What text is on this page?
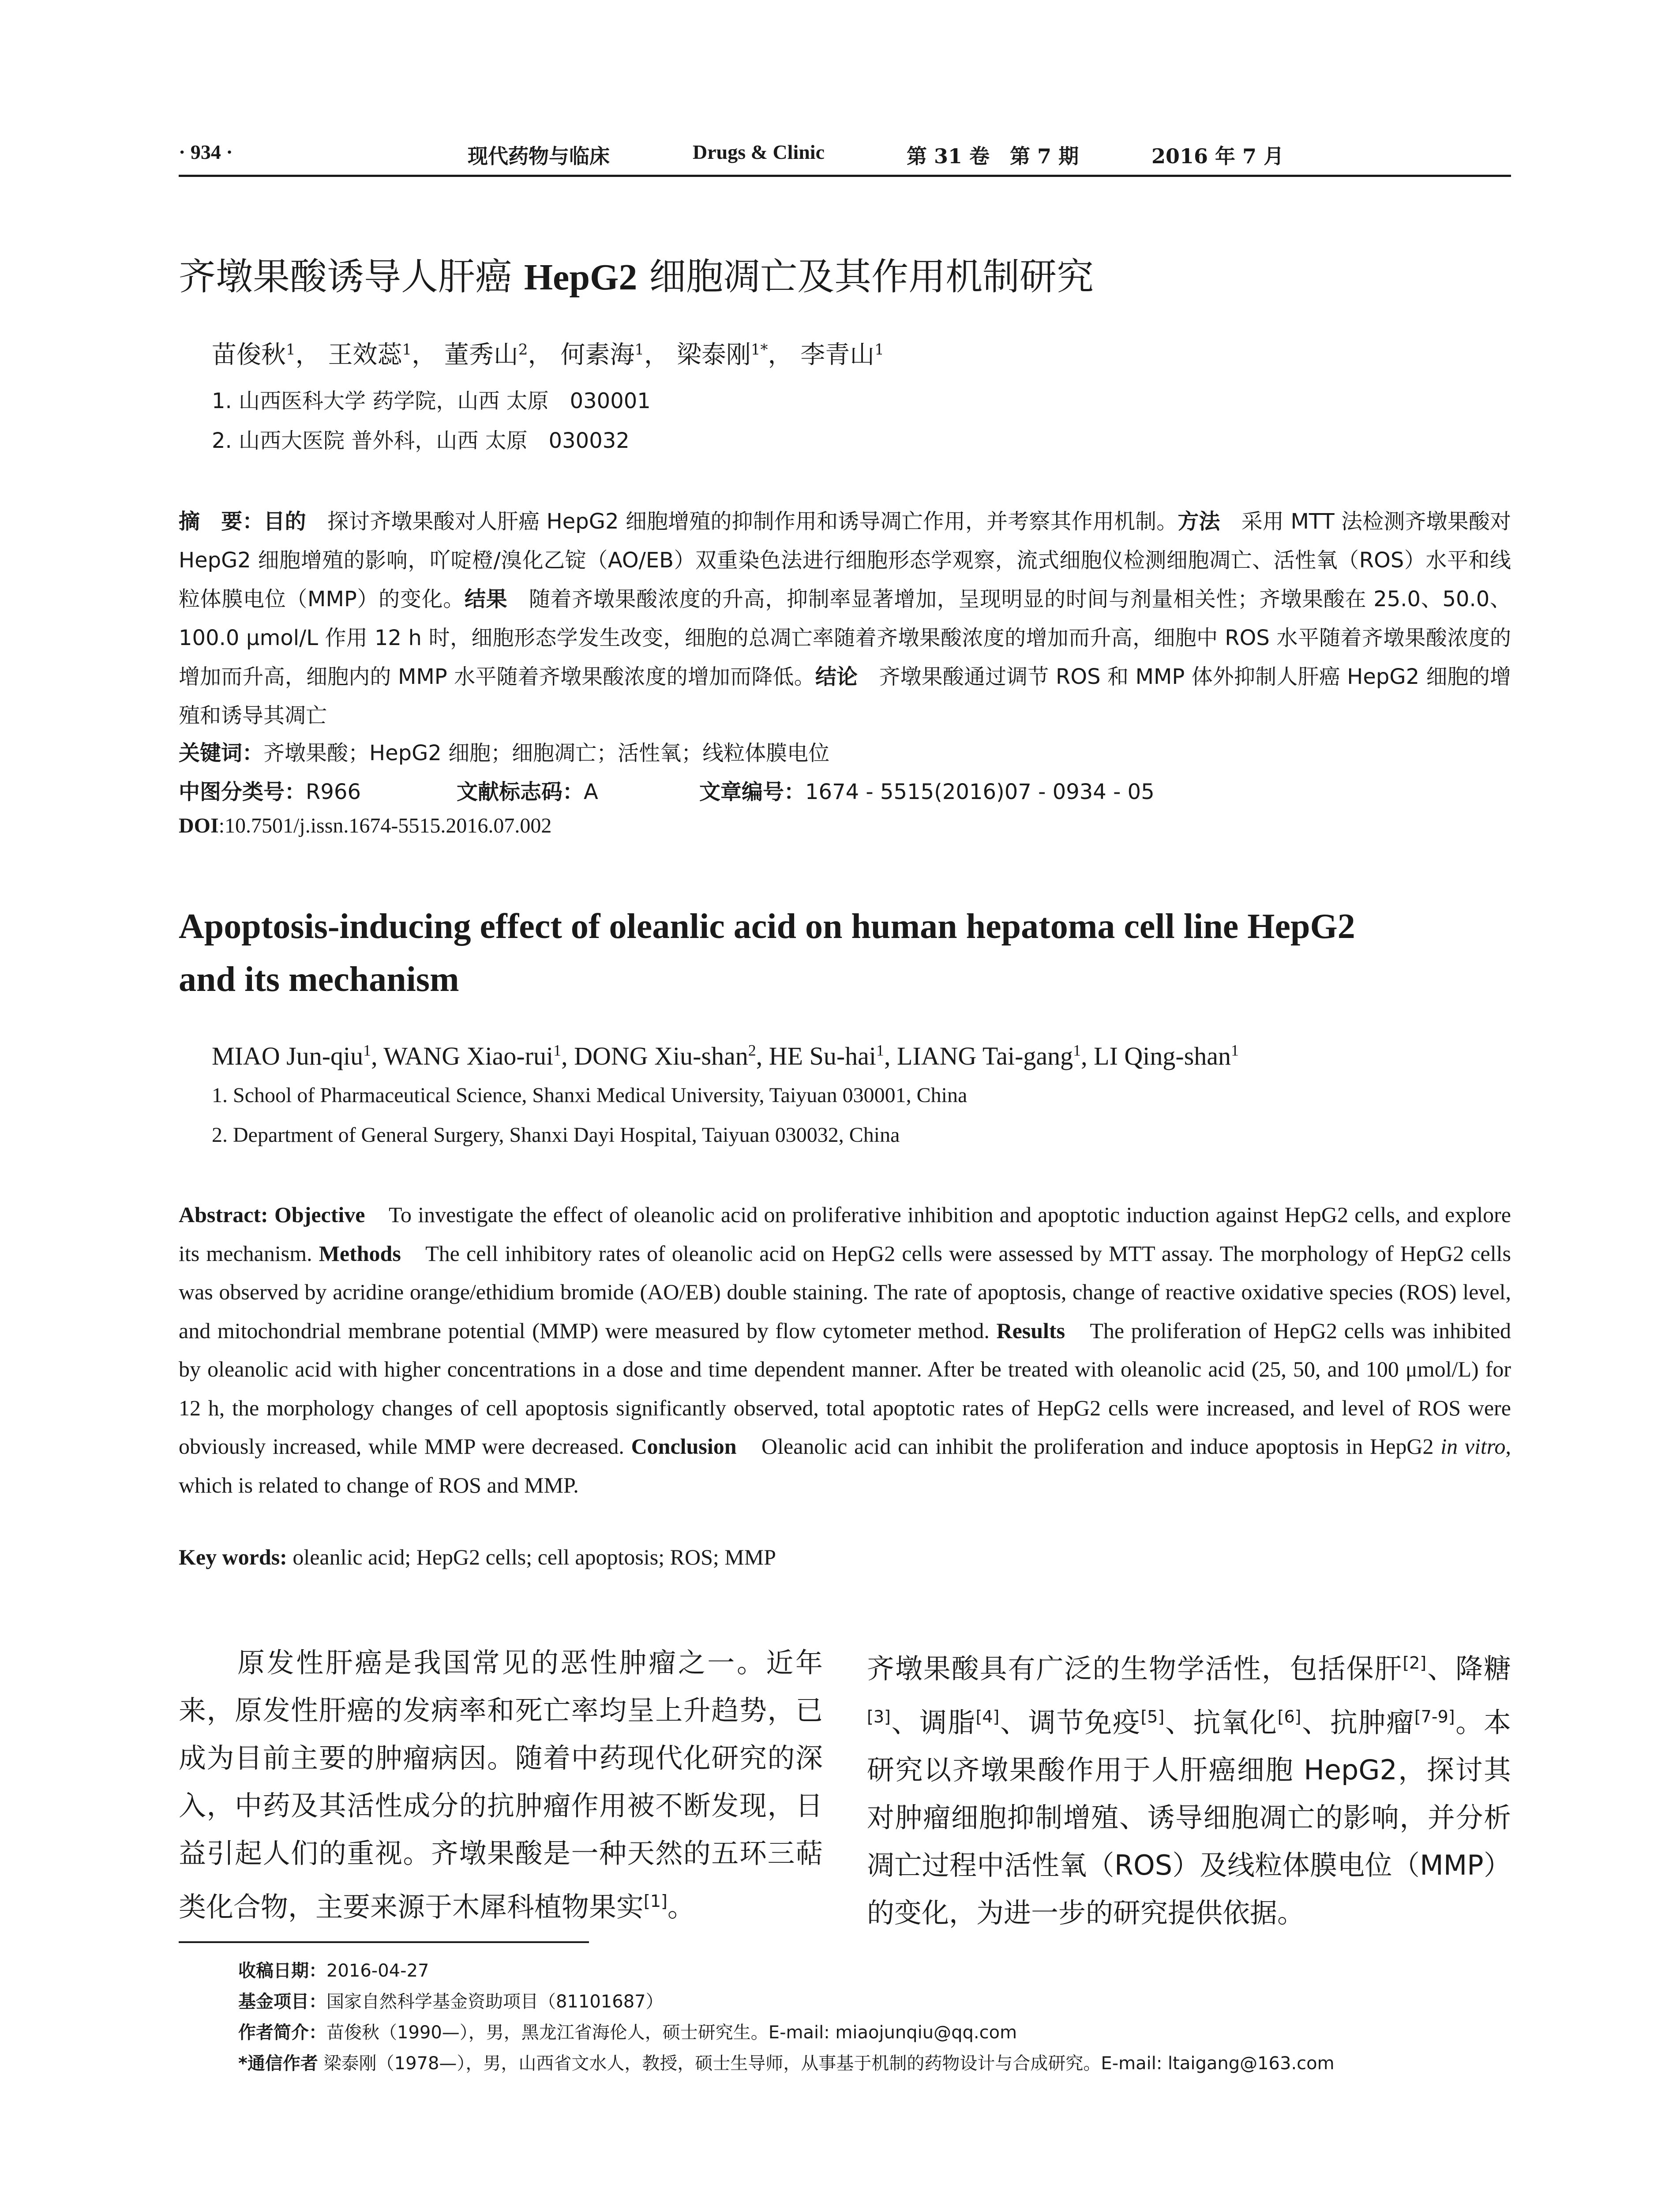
· 934 ·	现代药物与临床	Drugs & Clinic	第 31 卷　第 7 期	2016 年 7 月
齐墩果酸诱导人肝癌 HepG2 细胞凋亡及其作用机制研究
苗俊秋$^1$， 王效蕊$^1$， 董秀山$^2$， 何素海$^1$， 梁泰刚$^{1*}$， 李青山$^1$
1. 山西医科大学 药学院，山西 太原　030001
2. 山西大医院 普外科，山西 太原　030032
摘　要：目的　探讨齐墩果酸对人肝癌 HepG2 细胞增殖的抑制作用和诱导凋亡作用，并考察其作用机制。方法　采用 MTT 法检测齐墩果酸对 HepG2 细胞增殖的影响，吖啶橙/溴化乙锭（AO/EB）双重染色法进行细胞形态学观察，流式细胞仪检测细胞凋亡、活性氧（ROS）水平和线粒体膜电位（MMP）的变化。结果　随着齐墩果酸浓度的升高，抑制率显著增加，呈现明显的时间与剂量相关性；齐墩果酸在 25.0、50.0、100.0 μmol/L 作用 12 h 时，细胞形态学发生改变，细胞的总凋亡率随着齐墩果酸浓度的增加而升高，细胞中 ROS 水平随着齐墩果酸浓度的增加而升高，细胞内的 MMP 水平随着齐墩果酸浓度的增加而降低。结论　齐墩果酸通过调节 ROS 和 MMP 体外抑制人肝癌 HepG2 细胞的增殖和诱导其凋亡
关键词：齐墩果酸；HepG2 细胞；细胞凋亡；活性氧；线粒体膜电位
中图分类号：R966	文献标志码：A	文章编号：1674 - 5515(2016)07 - 0934 - 05
DOI:10.7501/j.issn.1674-5515.2016.07.002
Apoptosis-inducing effect of oleanlic acid on human hepatoma cell line HepG2
and its mechanism
MIAO Jun-qiu$^1$, WANG Xiao-rui$^1$, DONG Xiu-shan$^2$, HE Su-hai$^1$, LIANG Tai-gang$^1$, LI Qing-shan$^1$
1. School of Pharmaceutical Science, Shanxi Medical University, Taiyuan 030001, China
2. Department of General Surgery, Shanxi Dayi Hospital, Taiyuan 030032, China
Abstract: Objective　To investigate the effect of oleanolic acid on proliferative inhibition and apoptotic induction against HepG2 cells, and explore its mechanism. Methods　The cell inhibitory rates of oleanolic acid on HepG2 cells were assessed by MTT assay. The morphology of HepG2 cells was observed by acridine orange/ethidium bromide (AO/EB) double staining. The rate of apoptosis, change of reactive oxidative species (ROS) level, and mitochondrial membrane potential (MMP) were measured by flow cytometer method. Results　The proliferation of HepG2 cells was inhibited by oleanolic acid with higher concentrations in a dose and time dependent manner. After be treated with oleanolic acid (25, 50, and 100 μmol/L) for 12 h, the morphology changes of cell apoptosis significantly observed, total apoptotic rates of HepG2 cells were increased, and level of ROS were obviously increased, while MMP were decreased. Conclusion　Oleanolic acid can inhibit the proliferation and induce apoptosis in HepG2 in vitro, which is related to change of ROS and MMP.
Key words: oleanlic acid; HepG2 cells; cell apoptosis; ROS; MMP
　　原发性肝癌是我国常见的恶性肿瘤之一。近年来，原发性肝癌的发病率和死亡率均呈上升趋势，已成为目前主要的肿瘤病因。随着中药现代化研究的深入，中药及其活性成分的抗肿瘤作用被不断发现，日益引起人们的重视。齐墩果酸是一种天然的五环三萜类化合物，主要来源于木犀科植物果实[1]。
齐墩果酸具有广泛的生物学活性，包括保肝[2]、降糖[3]、调脂[4]、调节免疫[5]、抗氧化[6]、抗肿瘤[7-9]。本研究以齐墩果酸作用于人肝癌细胞 HepG2，探讨其对肿瘤细胞抑制增殖、诱导细胞凋亡的影响，并分析凋亡过程中活性氧（ROS）及线粒体膜电位（MMP）的变化，为进一步的研究提供依据。
收稿日期：2016-04-27
基金项目：国家自然科学基金资助项目（81101687）
作者简介：苗俊秋（1990—），男，黑龙江省海伦人，硕士研究生。E-mail: miaojunqiu@qq.com
*通信作者 梁泰刚（1978—），男，山西省文水人，教授，硕士生导师，从事基于机制的药物设计与合成研究。E-mail: ltaigang@163.com
